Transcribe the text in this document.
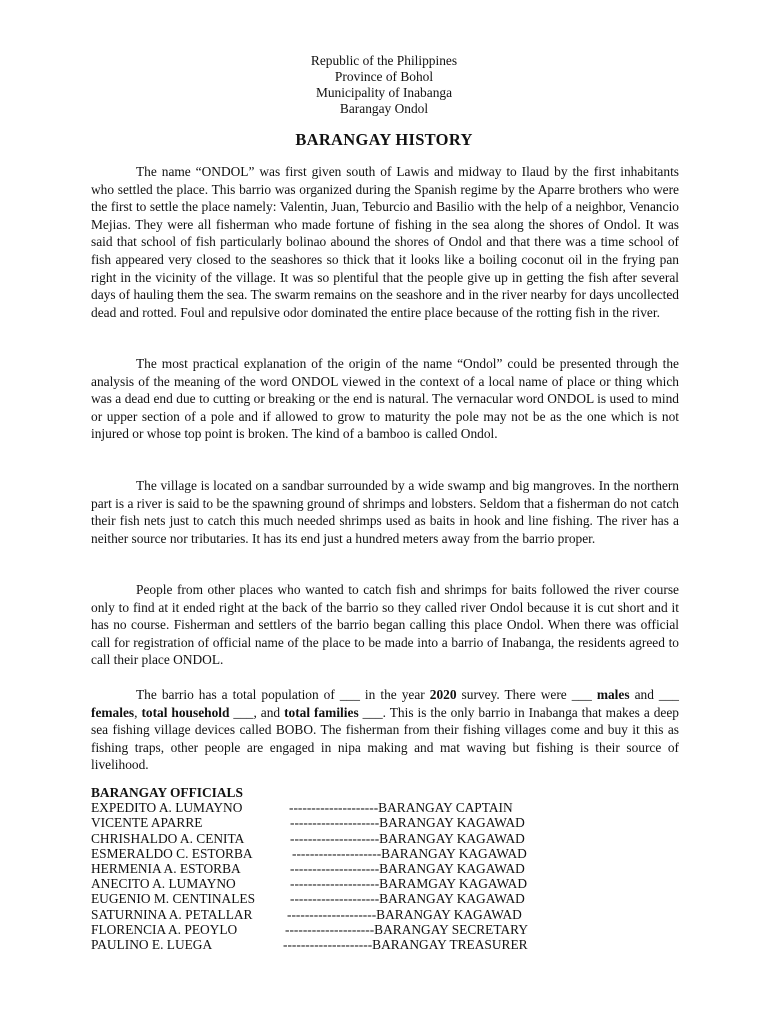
Republic of the Philippines
Province of Bohol
Municipality of Inabanga
Barangay Ondol
BARANGAY HISTORY

The name “ONDOL” was first given south of Lawis and midway to Ilaud by the first inhabitants who settled the place. This barrio was organized during the Spanish regime by the Aparre brothers who were the first to settle the place namely: Valentin, Juan, Teburcio and Basilio with the help of a neighbor, Venancio Mejias. They were all fisherman who made fortune of fishing in the sea along the shores of Ondol. It was said that school of fish particularly bolinao abound the shores of Ondol and that there was a time school of fish appeared very closed to the seashores so thick that it looks like a boiling coconut oil in the frying pan right in the vicinity of the village. It was so plentiful that the people give up in getting the fish after several days of hauling them the sea. The swarm remains on the seashore and in the river nearby for days uncollected dead and rotted. Foul and repulsive odor dominated the entire place because of the rotting fish in the river.

The most practical explanation of the origin of the name “Ondol” could be presented through the analysis of the meaning of the word ONDOL viewed in the context of a local name of place or thing which was a dead end due to cutting or breaking or the end is natural. The vernacular word ONDOL is used to mind or upper section of a pole and if allowed to grow to maturity the pole may not be as the one which is not injured or whose top point is broken. The kind of a bamboo is called Ondol.

The village is located on a sandbar surrounded by a wide swamp and big mangroves. In the northern part is a river is said to be the spawning ground of shrimps and lobsters. Seldom that a fisherman do not catch their fish nets just to catch this much needed shrimps used as baits in hook and line fishing. The river has a neither source nor tributaries. It has its end just a hundred meters away from the barrio proper.

People from other places who wanted to catch fish and shrimps for baits followed the river course only to find at it ended right at the back of the barrio so they called river Ondol because it is cut short and it has no course. Fisherman and settlers of the barrio began calling this place Ondol. When there was official call for registration of official name of the place to be made into a barrio of Inabanga, the residents agreed to call their place ONDOL.

The barrio has a total population of ___ in the year 2020 survey. There were ___ males and ___ females, total household ___, and total families ___. This is the only barrio in Inabanga that makes a deep sea fishing village devices called BOBO. The fisherman from their fishing villages come and buy it this as fishing traps, other people are engaged in nipa making and mat waving but fishing is their source of livelihood.

BARANGAY OFFICIALS
EXPEDITO A. LUMAYNO	--------------------BARANGAY CAPTAIN
VICENTE APARRE	--------------------BARANGAY KAGAWAD
CHRISHALDO A. CENITA	--------------------BARANGAY KAGAWAD
ESMERALDO C. ESTORBA	--------------------BARANGAY KAGAWAD
HERMENIA A. ESTORBA	--------------------BARANGAY KAGAWAD
ANECITO A. LUMAYNO	--------------------BARAMGAY KAGAWAD
EUGENIO M. CENTINALES	--------------------BARANGAY KAGAWAD
SATURNINA A. PETALLAR	--------------------BARANGAY KAGAWAD
FLORENCIA A. PEOYLO	--------------------BARANGAY SECRETARY
PAULINO E. LUEGA	--------------------BARANGAY TREASURER
